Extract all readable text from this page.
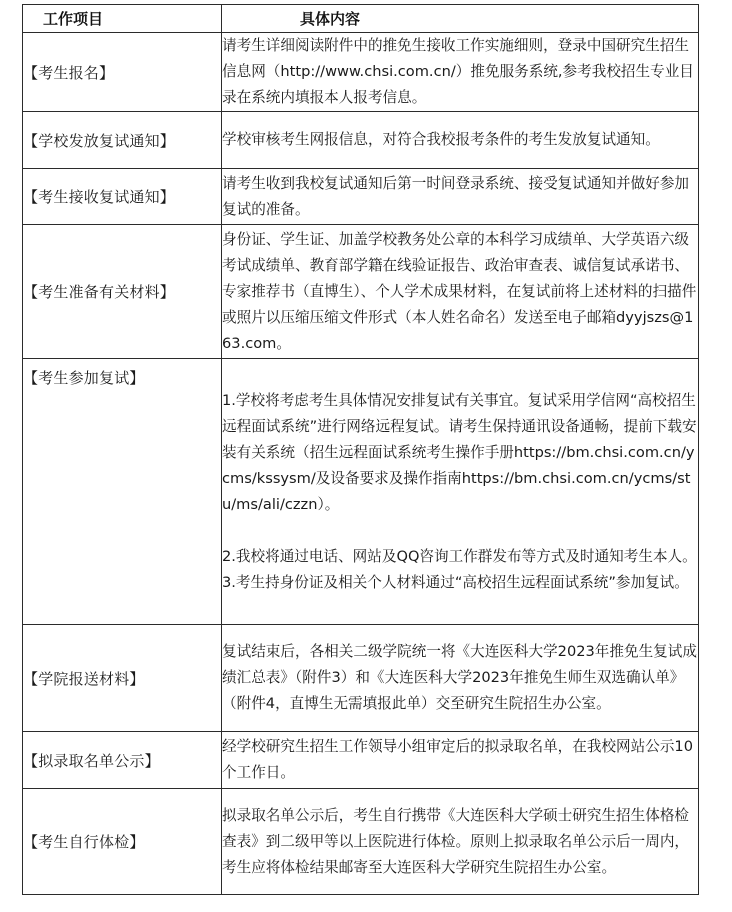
工作项目	具体内容
【考生报名】	请考生详细阅读附件中的推免生接收工作实施细则，登录中国研究生招生信息网（http://www.chsi.com.cn/）推免服务系统,参考我校招生专业目录在系统内填报本人报考信息。

【学校发放复试通知】	学校审核考生网报信息，对符合我校报考条件的考生发放复试通知。

【考生接收复试通知】	请考生收到我校复试通知后第一时间登录系统、接受复试通知并做好参加复试的准备。

【考生准备有关材料】	身份证、学生证、加盖学校教务处公章的本科学习成绩单、大学英语六级考试成绩单、教育部学籍在线验证报告、政治审查表、诚信复试承诺书、专家推荐书（直博生）、个人学术成果材料，在复试前将上述材料的扫描件或照片以压缩压缩文件形式（本人姓名命名）发送至电子邮箱dyyjszs@163.com。

【考生参加复试】	1.学校将考虑考生具体情况安排复试有关事宜。复试采用学信网“高校招生远程面试系统”进行网络远程复试。请考生保持通讯设备通畅，提前下载安装有关系统（招生远程面试系统考生操作手册https://bm.chsi.com.cn/ycms/kssysm/及设备要求及操作指南https://bm.chsi.com.cn/ycms/stu/ms/ali/czzn）。
2.我校将通过电话、网站及QQ咨询工作群发布等方式及时通知考生本人。
3.考生持身份证及相关个人材料通过“高校招生远程面试系统”参加复试。

【学院报送材料】	复试结束后，各相关二级学院统一将《大连医科大学2023年推免生复试成绩汇总表》（附件3）和《大连医科大学2023年推免生师生双选确认单》（附件4，直博生无需填报此单）交至研究生院招生办公室。

【拟录取名单公示】	经学校研究生招生工作领导小组审定后的拟录取名单，在我校网站公示10个工作日。

【考生自行体检】	拟录取名单公示后，考生自行携带《大连医科大学硕士研究生招生体格检查表》到二级甲等以上医院进行体检。原则上拟录取名单公示后一周内，考生应将体检结果邮寄至大连医科大学研究生院招生办公室。
